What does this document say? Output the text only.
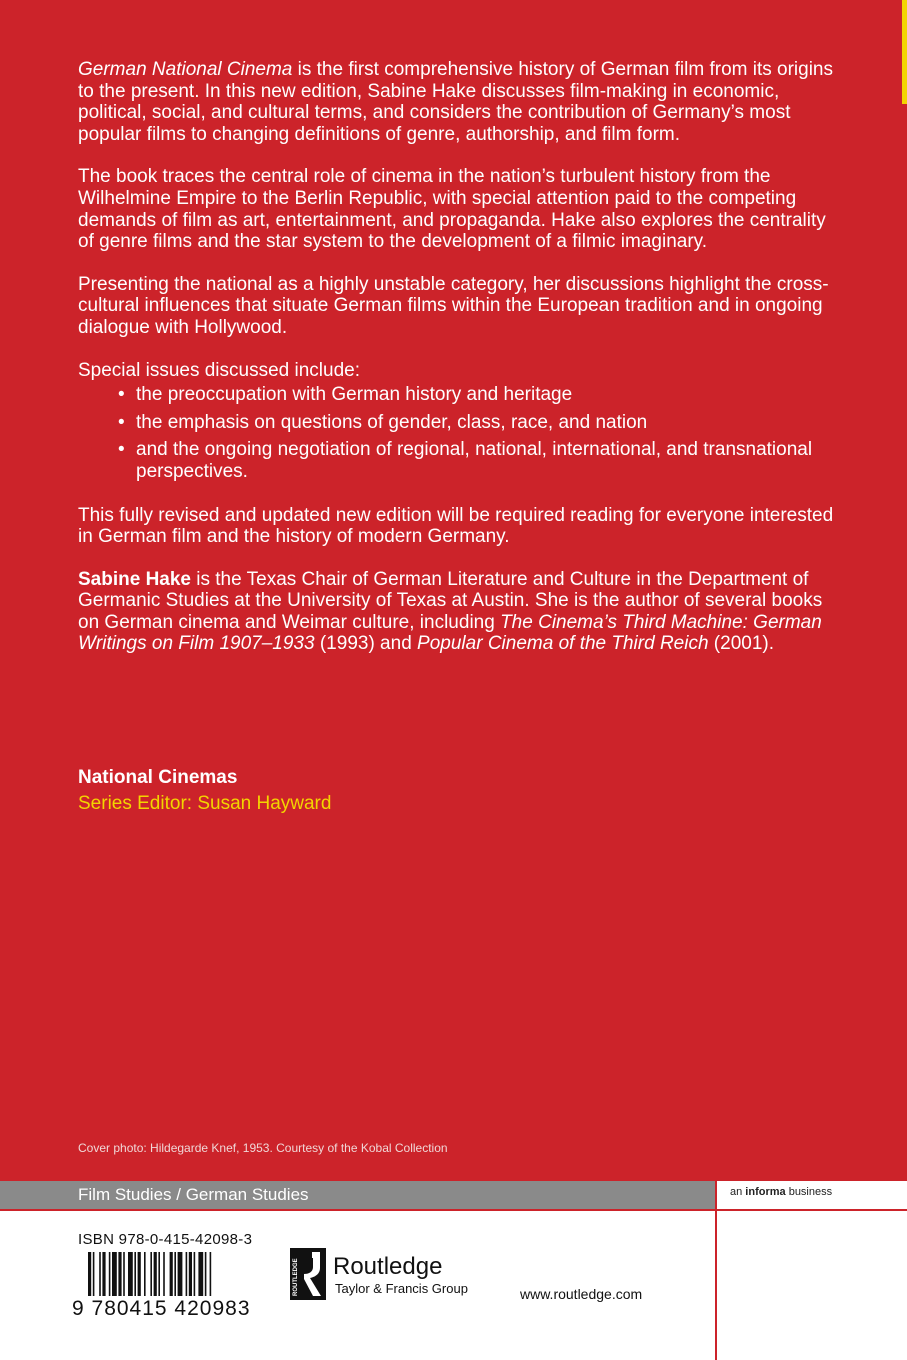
German National Cinema is the first comprehensive history of German film from its origins to the present. In this new edition, Sabine Hake discusses film-making in economic, political, social, and cultural terms, and considers the contribution of Germany’s most popular films to changing definitions of genre, authorship, and film form.

The book traces the central role of cinema in the nation’s turbulent history from the Wilhelmine Empire to the Berlin Republic, with special attention paid to the competing demands of film as art, entertainment, and propaganda. Hake also explores the centrality of genre films and the star system to the development of a filmic imaginary.

Presenting the national as a highly unstable category, her discussions highlight the cross-cultural influences that situate German films within the European tradition and in ongoing dialogue with Hollywood.

Special issues discussed include:

• the preoccupation with German history and heritage
• the emphasis on questions of gender, class, race, and nation
• and the ongoing negotiation of regional, national, international, and transnational perspectives.

This fully revised and updated new edition will be required reading for everyone interested in German film and the history of modern Germany.

Sabine Hake is the Texas Chair of German Literature and Culture in the Department of Germanic Studies at the University of Texas at Austin. She is the author of several books on German cinema and Weimar culture, including The Cinema’s Third Machine: German Writings on Film 1907–1933 (1993) and Popular Cinema of the Third Reich (2001).

National Cinemas

Series Editor: Susan Hayward

Cover photo: Hildegarde Knef, 1953. Courtesy of the Kobal Collection
Film Studies / German Studies	an informa business
ISBN 978-0-415-42098-3
9 780415 420983
ROUTLEDGE Routledge
Taylor & Francis Group	www.routledge.com
